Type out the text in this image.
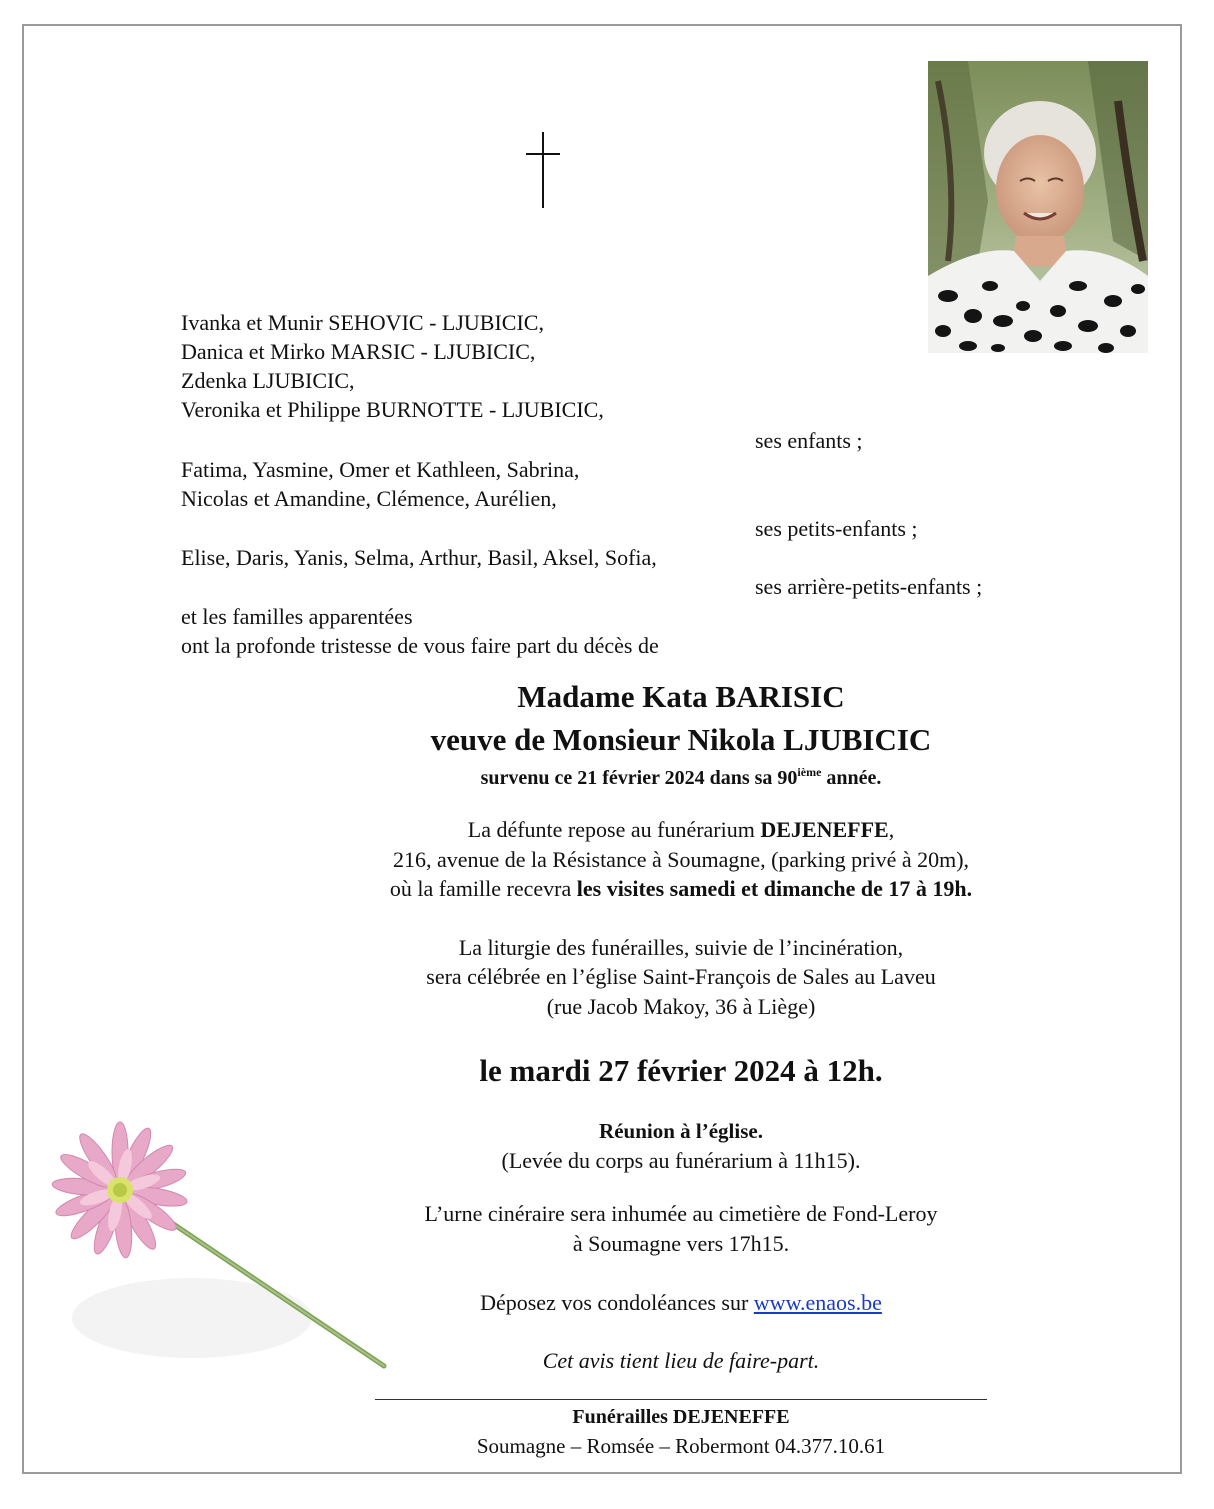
Ivanka et Munir SEHOVIC - LJUBICIC,
Danica et Mirko MARSIC - LJUBICIC,
Zdenka LJUBICIC,
Veronika et Philippe BURNOTTE - LJUBICIC,
ses enfants ;
Fatima, Yasmine, Omer et Kathleen, Sabrina,
Nicolas et Amandine, Clémence, Aurélien,
ses petits-enfants ;
Elise, Daris, Yanis, Selma, Arthur, Basil, Aksel, Sofia,
ses arrière-petits-enfants ;
et les familles apparentées
ont la profonde tristesse de vous faire part du décès de
Madame Kata BARISIC
veuve de Monsieur Nikola LJUBICIC
survenu ce 21 février 2024 dans sa 90ième année.
La défunte repose au funérarium DEJENEFFE,
216, avenue de la Résistance à Soumagne, (parking privé à 20m),
où la famille recevra les visites samedi et dimanche de 17 à 19h.
La liturgie des funérailles, suivie de l’incinération,
sera célébrée en l’église Saint-François de Sales au Laveu
(rue Jacob Makoy, 36 à Liège)
le mardi 27 février 2024 à 12h.
Réunion à l’église.
(Levée du corps au funérarium à 11h15).
L’urne cinéraire sera inhumée au cimetière de Fond-Leroy
à Soumagne vers 17h15.
Déposez vos condoléances sur www.enaos.be
Cet avis tient lieu de faire-part.
Funérailles DEJENEFFE
Soumagne – Romsée – Robermont 04.377.10.61
